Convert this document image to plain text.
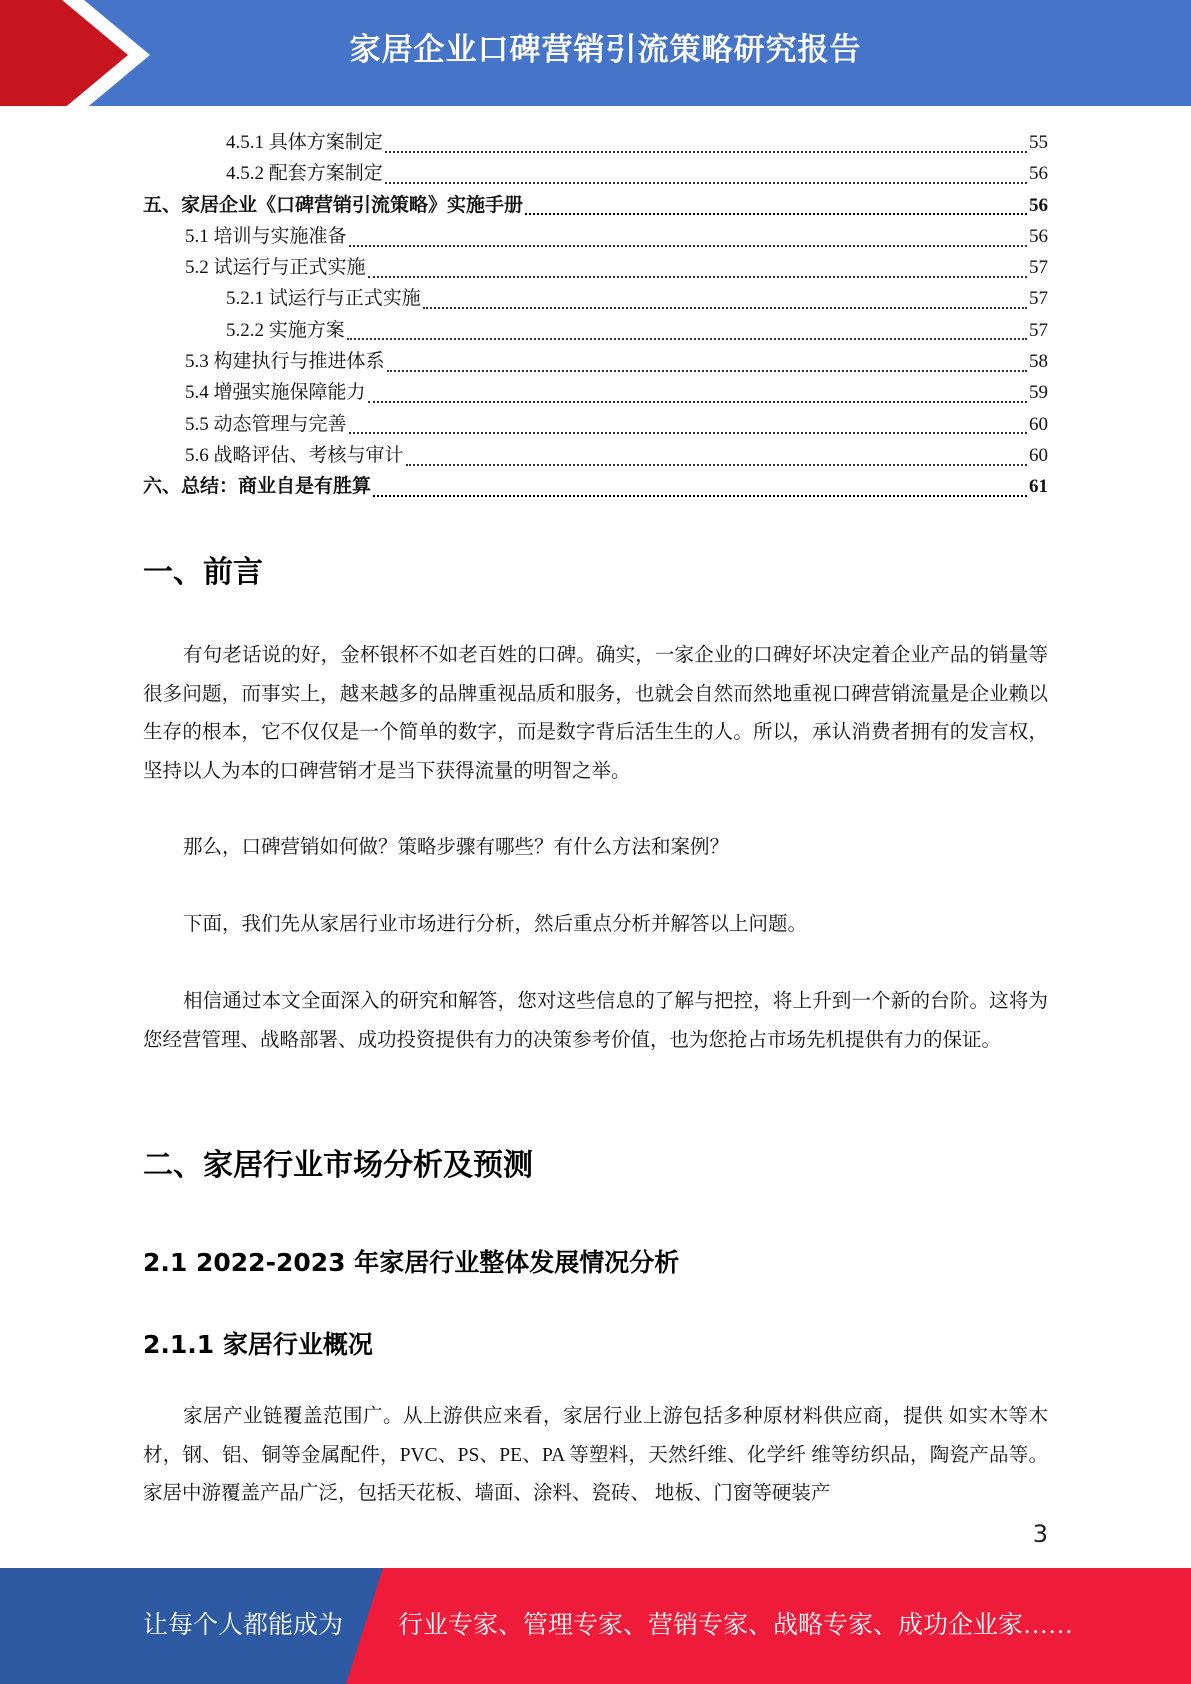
家居企业口碑营销引流策略研究报告
4.5.1 具体方案制定	55
4.5.2 配套方案制定	56
五、家居企业《口碑营销引流策略》实施手册	56
5.1 培训与实施准备	56
5.2 试运行与正式实施	57
5.2.1 试运行与正式实施	57
5.2.2 实施方案	57
5.3 构建执行与推进体系	58
5.4 增强实施保障能力	59
5.5 动态管理与完善	60
5.6 战略评估、考核与审计	60
六、总结：商业自是有胜算	61
一、前言

有句老话说的好，金杯银杯不如老百姓的口碑。确实，一家企业的口碑好坏决定着企业产品的销量等很多问题，而事实上，越来越多的品牌重视品质和服务，也就会自然而然地重视口碑营销流量是企业赖以生存的根本，它不仅仅是一个简单的数字，而是数字背后活生生的人。所以，承认消费者拥有的发言权，坚持以人为本的口碑营销才是当下获得流量的明智之举。

那么，口碑营销如何做？策略步骤有哪些？有什么方法和案例？

下面，我们先从家居行业市场进行分析，然后重点分析并解答以上问题。

相信通过本文全面深入的研究和解答，您对这些信息的了解与把控，将上升到一个新的台阶。这将为您经营管理、战略部署、成功投资提供有力的决策参考价值，也为您抢占市场先机提供有力的保证。

二、家居行业市场分析及预测
2.1 2022-2023 年家居行业整体发展情况分析
2.1.1 家居行业概况

家居产业链覆盖范围广。从上游供应来看，家居行业上游包括多种原材料供应商，提供 如实木等木材，钢、铝、铜等金属配件，PVC、PS、PE、PA 等塑料，天然纤维、化学纤 维等纺织品，陶瓷产品等。家居中游覆盖产品广泛，包括天花板、墙面、涂料、瓷砖、 地板、门窗等硬装产

3
让每个人都能成为 行业专家、管理专家、营销专家、战略专家、成功企业家……
